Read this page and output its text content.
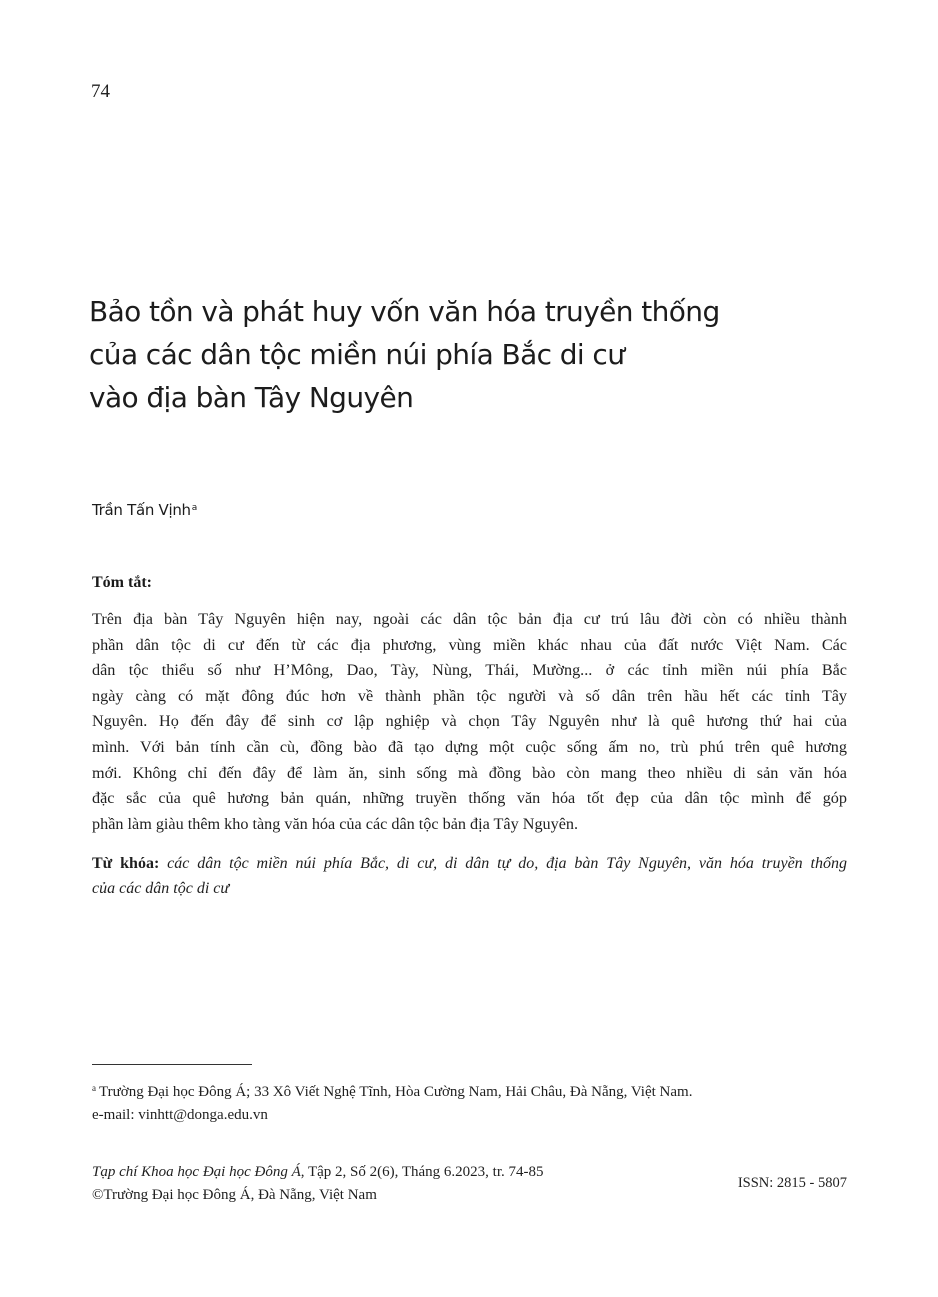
74
Bảo tồn và phát huy vốn văn hóa truyền thống
của các dân tộc miền núi phía Bắc di cư
vào địa bàn Tây Nguyên
Trần Tấn Vịnh$^a$
Tóm tắt:
Trên địa bàn Tây Nguyên hiện nay, ngoài các dân tộc bản địa cư trú lâu đời còn có nhiều thành
phần dân tộc di cư đến từ các địa phương, vùng miền khác nhau của đất nước Việt Nam. Các
dân tộc thiểu số như H’Mông, Dao, Tày, Nùng, Thái, Mường... ở các tỉnh miền núi phía Bắc
ngày càng có mặt đông đúc hơn về thành phần tộc người và số dân trên hầu hết các tỉnh Tây
Nguyên. Họ đến đây để sinh cơ lập nghiệp và chọn Tây Nguyên như là quê hương thứ hai của
mình. Với bản tính cần cù, đồng bào đã tạo dựng một cuộc sống ấm no, trù phú trên quê hương
mới. Không chỉ đến đây để làm ăn, sinh sống mà đồng bào còn mang theo nhiều di sản văn hóa
đặc sắc của quê hương bản quán, những truyền thống văn hóa tốt đẹp của dân tộc mình để góp
phần làm giàu thêm kho tàng văn hóa của các dân tộc bản địa Tây Nguyên.
Từ khóa: các dân tộc miền núi phía Bắc, di cư, di dân tự do, địa bàn Tây Nguyên, văn hóa truyền thống
của các dân tộc di cư
$^a$ Trường Đại học Đông Á; 33 Xô Viết Nghệ Tĩnh, Hòa Cường Nam, Hải Châu, Đà Nẵng, Việt Nam.
e-mail: vinhtt@donga.edu.vn
Tạp chí Khoa học Đại học Đông Á, Tập 2, Số 2(6), Tháng 6.2023, tr. 74-85
©Trường Đại học Đông Á, Đà Nẵng, Việt Nam
ISSN: 2815 - 5807
